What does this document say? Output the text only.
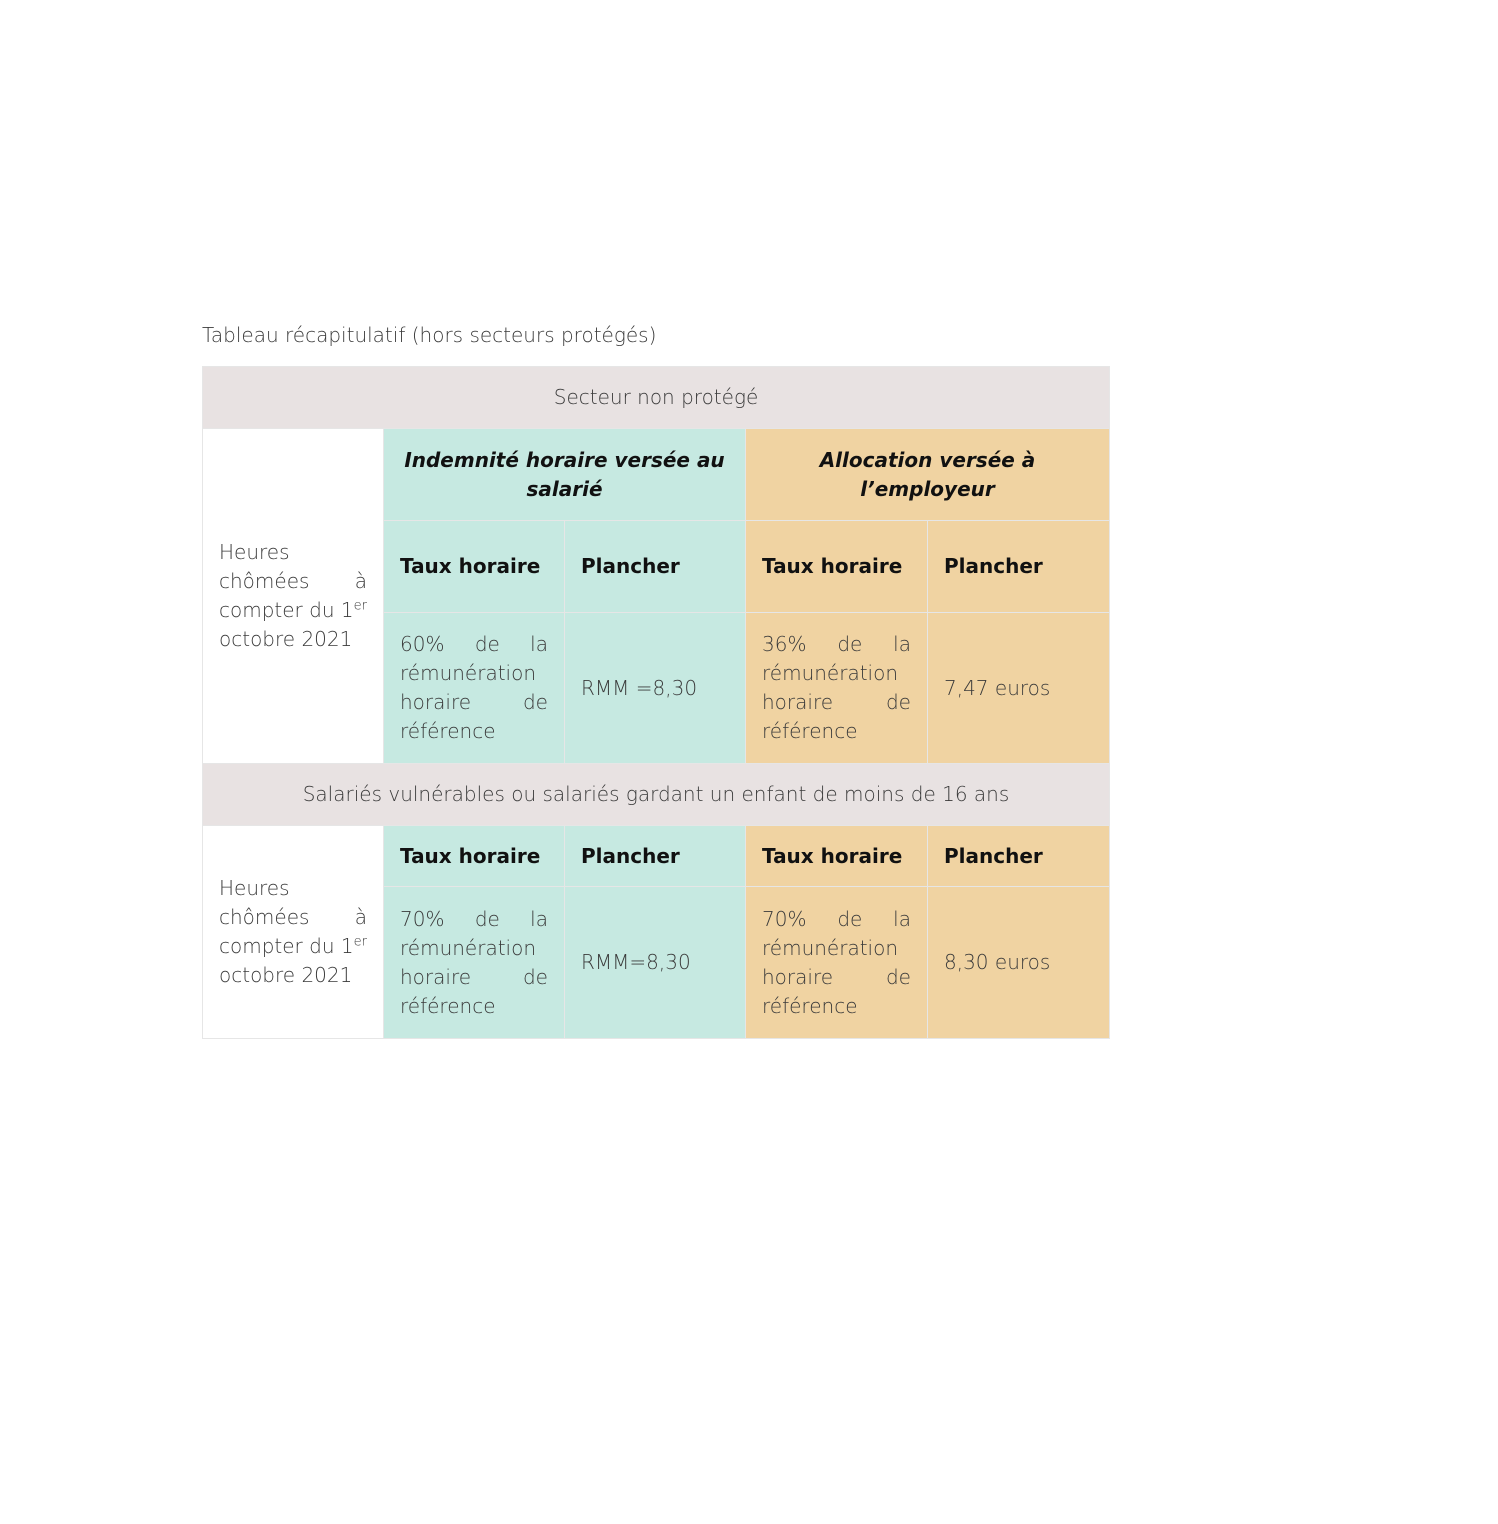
Tableau récapitulatif (hors secteurs protégés)
Secteur non protégé				
Heures chômées à compter du 1er octobre 2021	Indemnité horaire versée au salarié		Allocation versée à l’employeur	
	Taux horaire	Plancher	Taux horaire	Plancher
	60% de la rémunération horaire de référence	RMM =8,30	36% de la rémunération horaire de référence	7,47 euros
Salariés vulnérables ou salariés gardant un enfant de moins de 16 ans				
Heures chômées à compter du 1er octobre 2021	Taux horaire	Plancher	Taux horaire	Plancher
	70% de la rémunération horaire de référence	RMM=8,30	70% de la rémunération horaire de référence	8,30 euros
